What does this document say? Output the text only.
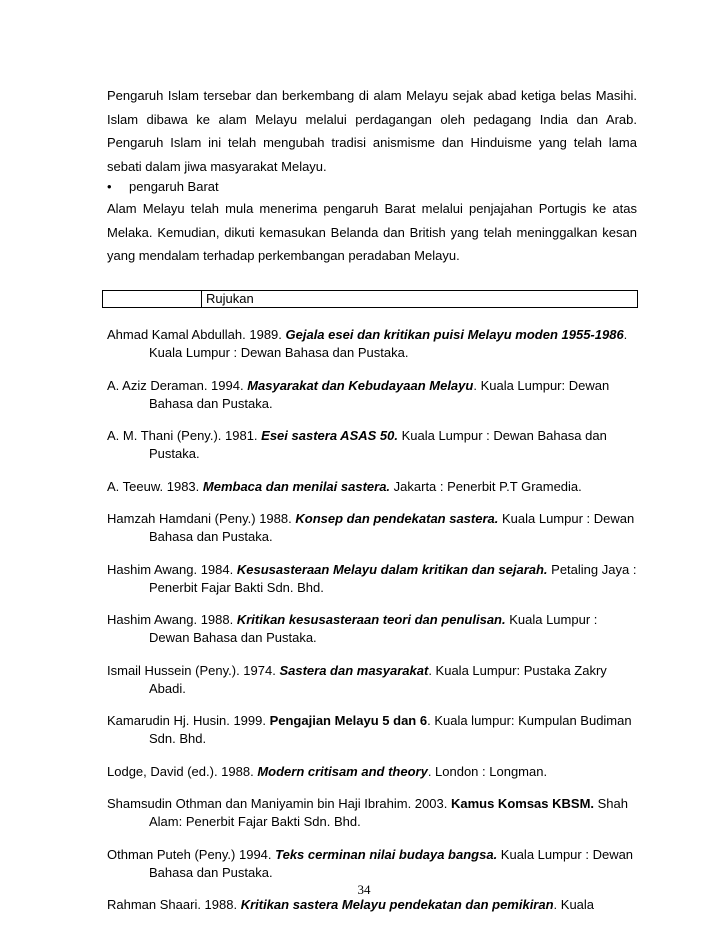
Pengaruh Islam tersebar dan berkembang di alam Melayu sejak abad ketiga belas Masihi.
Islam dibawa ke alam Melayu melalui perdagangan oleh pedagang India dan Arab.
Pengaruh Islam ini telah mengubah tradisi anismisme dan Hinduisme yang telah lama
sebati dalam jiwa masyarakat Melayu.
• pengaruh Barat
Alam Melayu telah mula menerima pengaruh Barat melalui penjajahan Portugis ke atas
Melaka. Kemudian, dikuti kemasukan Belanda dan British yang telah meninggalkan kesan
yang mendalam terhadap perkembangan peradaban Melayu.
Rujukan

Ahmad Kamal Abdullah. 1989. Gejala esei dan kritikan puisi Melayu moden 1955-1986. Kuala Lumpur : Dewan Bahasa dan Pustaka.

A. Aziz Deraman. 1994. Masyarakat dan Kebudayaan Melayu. Kuala Lumpur: Dewan Bahasa dan Pustaka.

A. M. Thani (Peny.). 1981. Esei sastera ASAS 50. Kuala Lumpur : Dewan Bahasa dan Pustaka.

A. Teeuw. 1983. Membaca dan menilai sastera. Jakarta : Penerbit P.T Gramedia.

Hamzah Hamdani (Peny.) 1988. Konsep dan pendekatan sastera. Kuala Lumpur : Dewan Bahasa dan Pustaka.

Hashim Awang. 1984. Kesusasteraan Melayu dalam kritikan dan sejarah. Petaling Jaya : Penerbit Fajar Bakti Sdn. Bhd.

Hashim Awang. 1988. Kritikan kesusasteraan teori dan penulisan. Kuala Lumpur : Dewan Bahasa dan Pustaka.

Ismail Hussein (Peny.). 1974. Sastera dan masyarakat. Kuala Lumpur: Pustaka Zakry Abadi.

Kamarudin Hj. Husin. 1999. Pengajian Melayu 5 dan 6. Kuala lumpur: Kumpulan Budiman Sdn. Bhd.

Lodge, David (ed.). 1988. Modern critisam and theory. London : Longman.

Shamsudin Othman dan Maniyamin bin Haji Ibrahim. 2003. Kamus Komsas KBSM. Shah Alam: Penerbit Fajar Bakti Sdn. Bhd.

Othman Puteh (Peny.) 1994. Teks cerminan nilai budaya bangsa. Kuala Lumpur : Dewan Bahasa dan Pustaka.

Rahman Shaari. 1988. Kritikan sastera Melayu pendekatan dan pemikiran. Kuala

34
